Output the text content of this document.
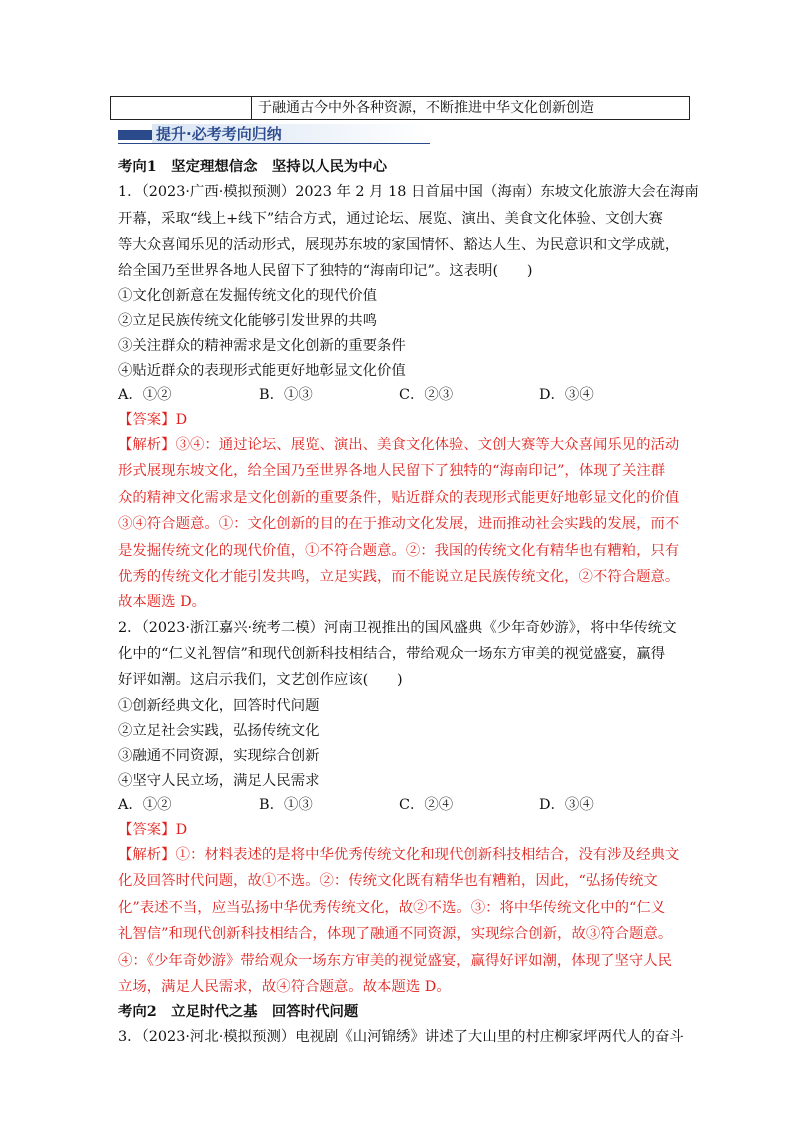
于融通古今中外各种资源，不断推进中华文化创新创造
提升·必考考向归纳
考向1　坚定理想信念　坚持以人民为中心
1．（2023·广西·模拟预测）2023 年 2 月 18 日首届中国（海南）东坡文化旅游大会在海南
开幕，采取“线上+线下”结合方式，通过论坛、展览、演出、美食文化体验、文创大赛
等大众喜闻乐见的活动形式，展现苏东坡的家国情怀、豁达人生、为民意识和文学成就，
给全国乃至世界各地人民留下了独特的“海南印记”。这表明(　　)
①文化创新意在发掘传统文化的现代价值
②立足民族传统文化能够引发世界的共鸣
③关注群众的精神需求是文化创新的重要条件
④贴近群众的表现形式能更好地彰显文化价值
A．①②	B．①③	C．②③	D．③④
【答案】D
【解析】③④：通过论坛、展览、演出、美食文化体验、文创大赛等大众喜闻乐见的活动
形式展现东坡文化，给全国乃至世界各地人民留下了独特的“海南印记”，体现了关注群
众的精神文化需求是文化创新的重要条件，贴近群众的表现形式能更好地彰显文化的价值
③④符合题意。①：文化创新的目的在于推动文化发展，进而推动社会实践的发展，而不
是发掘传统文化的现代价值，①不符合题意。②：我国的传统文化有精华也有糟粕，只有
优秀的传统文化才能引发共鸣，立足实践，而不能说立足民族传统文化，②不符合题意。
故本题选 D。
2．（2023·浙江嘉兴·统考二模）河南卫视推出的国风盛典《少年奇妙游》，将中华传统文
化中的“仁义礼智信”和现代创新科技相结合，带给观众一场东方审美的视觉盛宴，赢得
好评如潮。这启示我们，文艺创作应该(　　)
①创新经典文化，回答时代问题
②立足社会实践，弘扬传统文化
③融通不同资源，实现综合创新
④坚守人民立场，满足人民需求
A．①②	B．①③	C．②④	D．③④
【答案】D
【解析】①：材料表述的是将中华优秀传统文化和现代创新科技相结合，没有涉及经典文
化及回答时代问题，故①不选。②：传统文化既有精华也有糟粕，因此，“弘扬传统文
化”表述不当，应当弘扬中华优秀传统文化，故②不选。③：将中华传统文化中的“仁义
礼智信”和现代创新科技相结合，体现了融通不同资源，实现综合创新，故③符合题意。
④：《少年奇妙游》带给观众一场东方审美的视觉盛宴，赢得好评如潮，体现了坚守人民
立场，满足人民需求，故④符合题意。故本题选 D。
考向2　立足时代之基　回答时代问题
3．（2023·河北·模拟预测）电视剧《山河锦绣》讲述了大山里的村庄柳家坪两代人的奋斗
